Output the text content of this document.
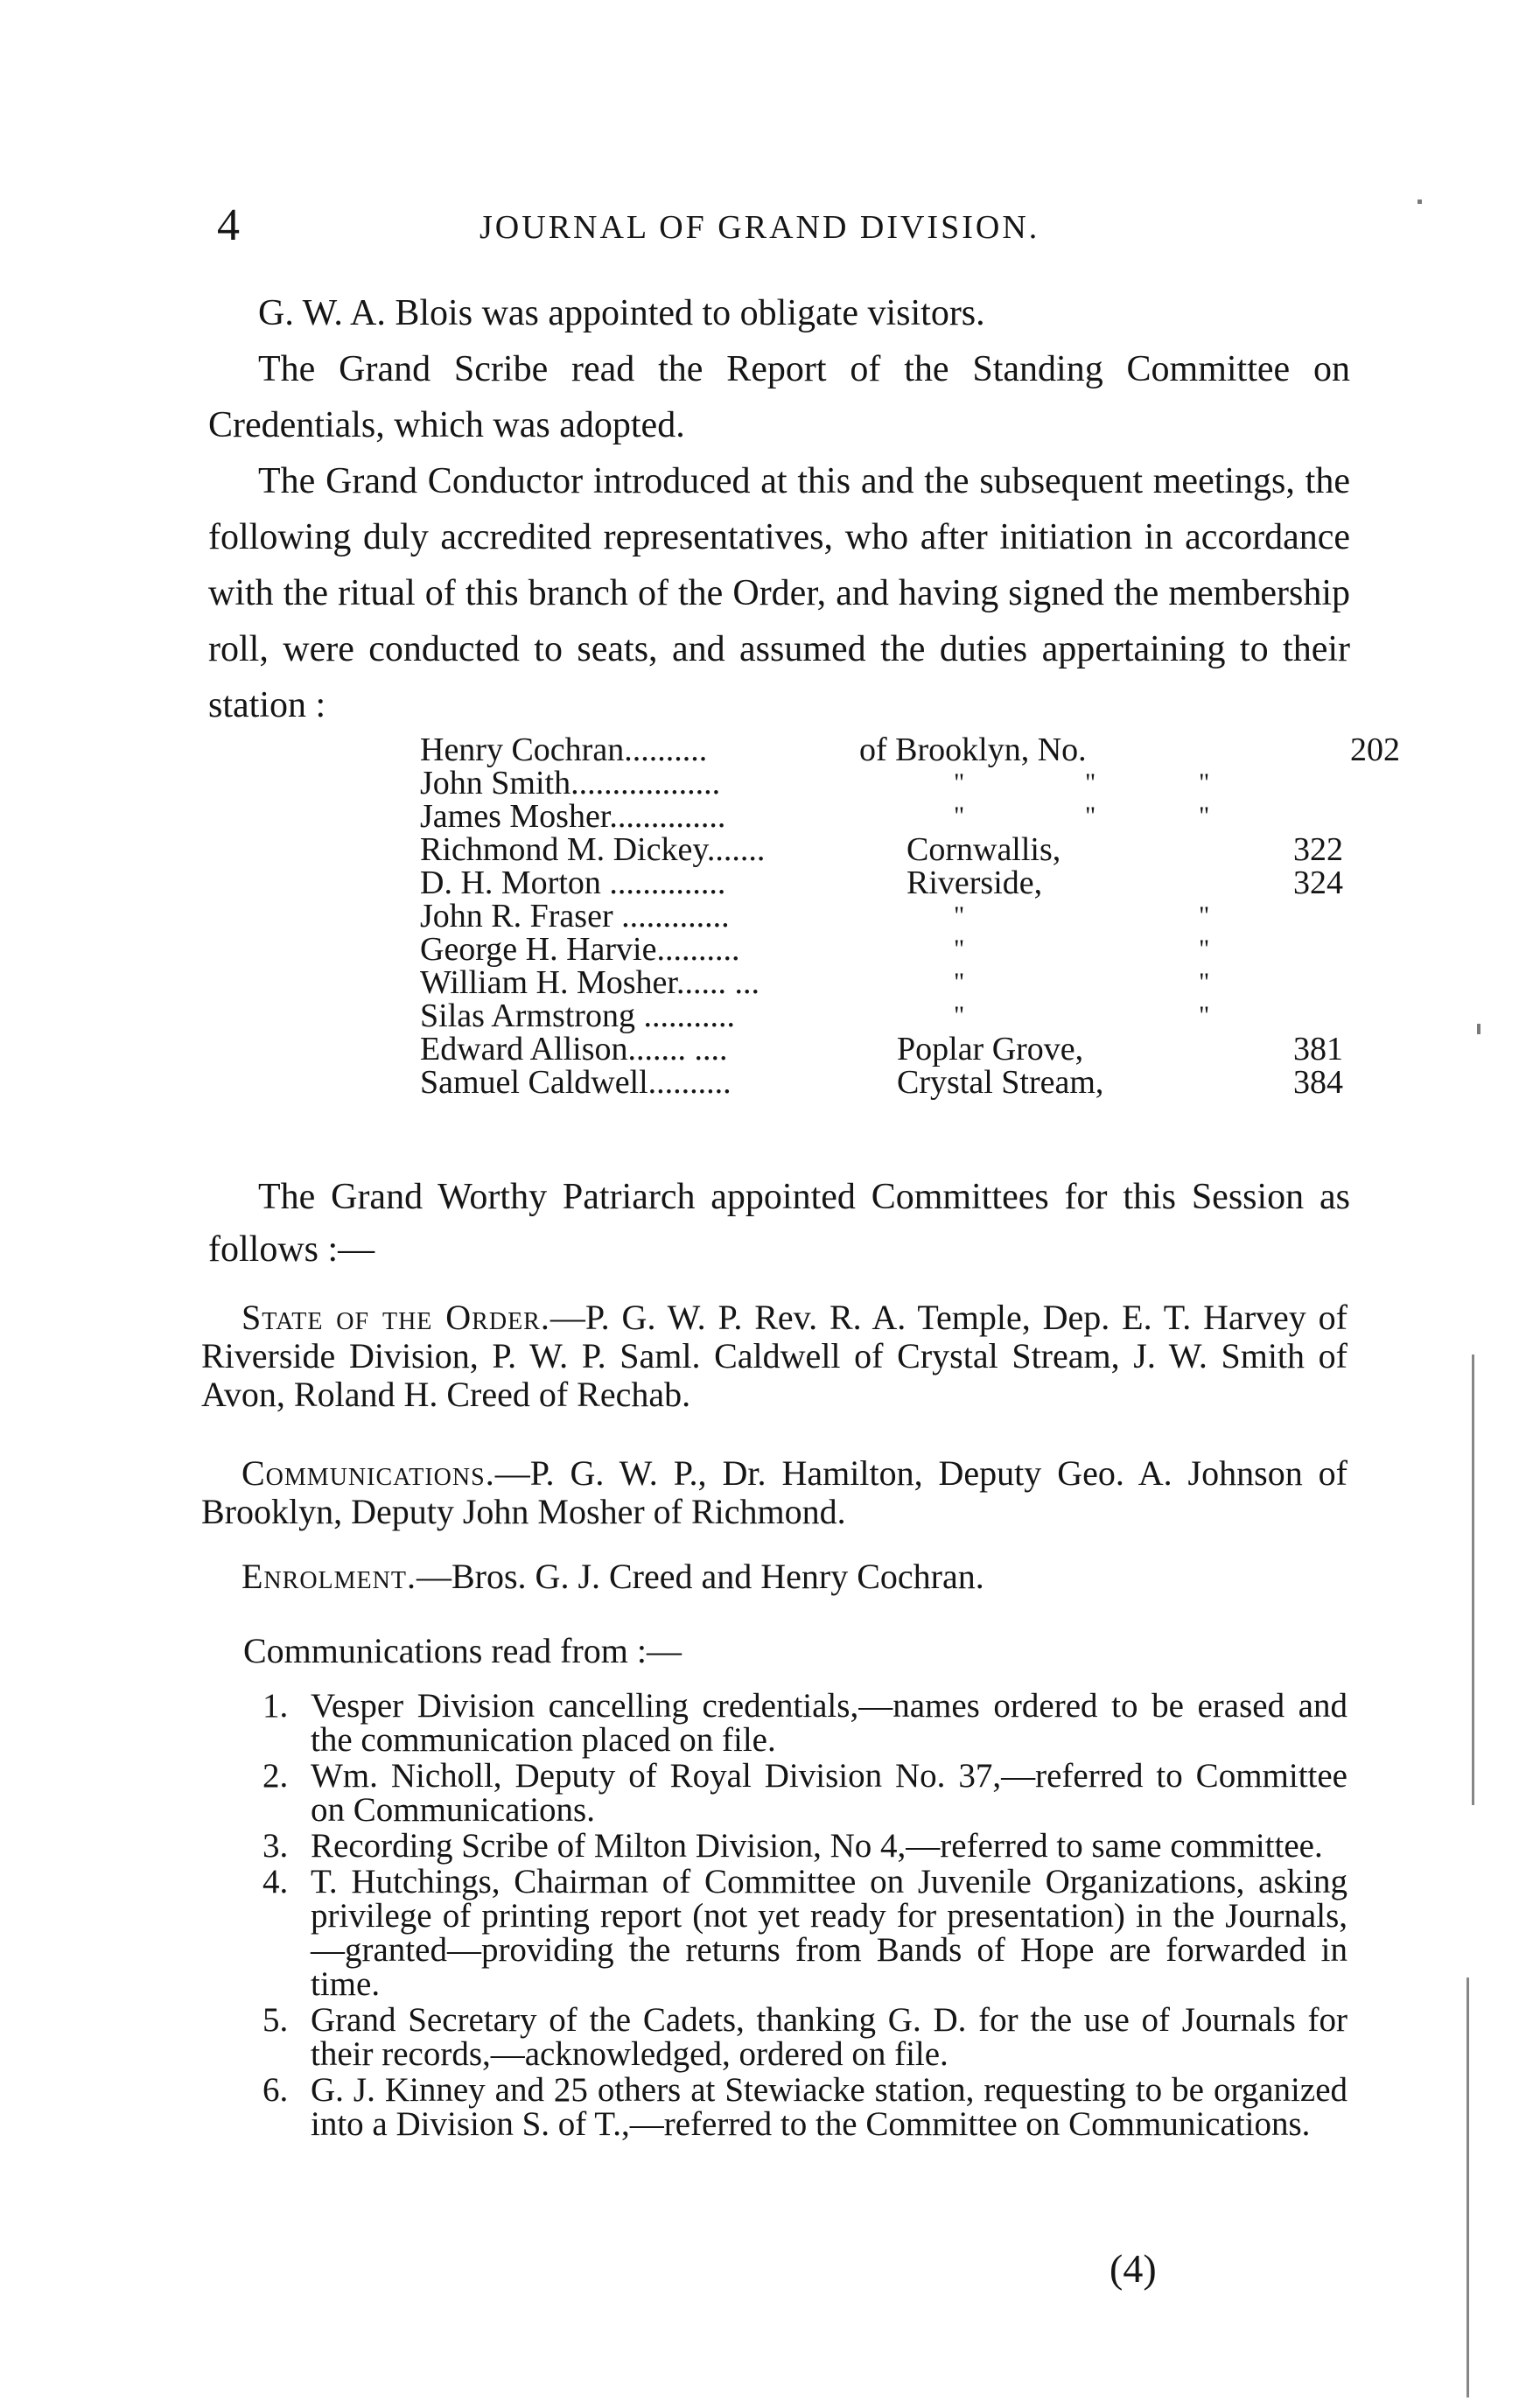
4	JOURNAL OF GRAND DIVISION.

G. W. A. Blois was appointed to obligate visitors.

The Grand Scribe read the Report of the Standing Committee on Credentials, which was adopted.

The Grand Conductor introduced at this and the subsequent meetings, the following duly accredited representatives, who after initiation in accordance with the ritual of this branch of the Order, and having signed the membership roll, were conducted to seats, and assumed the duties appertaining to their station :

Henry Cochran..........	of Brooklyn, No.	202
John Smith..................	"	"	"
James Mosher..............	"	"	"
Richmond M. Dickey.......	Cornwallis,	322
D. H. Morton ..............	Riverside,	324
John R. Fraser .............	"	"
George H. Harvie..........	"	"
William H. Mosher...... ...	"	"
Silas Armstrong ...........	"	"
Edward Allison....... ....	Poplar Grove,	381
Samuel Caldwell..........	Crystal Stream,	384

The Grand Worthy Patriarch appointed Committees for this Session as follows :—

State of the Order.—P. G. W. P. Rev. R. A. Temple, Dep. E. T. Harvey of Riverside Division, P. W. P. Saml. Caldwell of Crystal Stream, J. W. Smith of Avon, Roland H. Creed of Rechab.

Communications.—P. G. W. P., Dr. Hamilton, Deputy Geo. A. Johnson of Brooklyn, Deputy John Mosher of Richmond.

Enrolment.—Bros. G. J. Creed and Henry Cochran.

Communications read from :—

1. Vesper Division cancelling credentials,—names ordered to be erased and the communication placed on file.

2. Wm. Nicholl, Deputy of Royal Division No. 37,—referred to Committee on Communications.

3. Recording Scribe of Milton Division, No 4,—referred to same committee.

4. T. Hutchings, Chairman of Committee on Juvenile Organizations, asking privilege of printing report (not yet ready for presentation) in the Journals,—granted—providing the returns from Bands of Hope are forwarded in time.

5. Grand Secretary of the Cadets, thanking G. D. for the use of Journals for their records,—acknowledged, ordered on file.

6. G. J. Kinney and 25 others at Stewiacke station, requesting to be organized into a Division S. of T.,—referred to the Committee on Communications.

(4)
